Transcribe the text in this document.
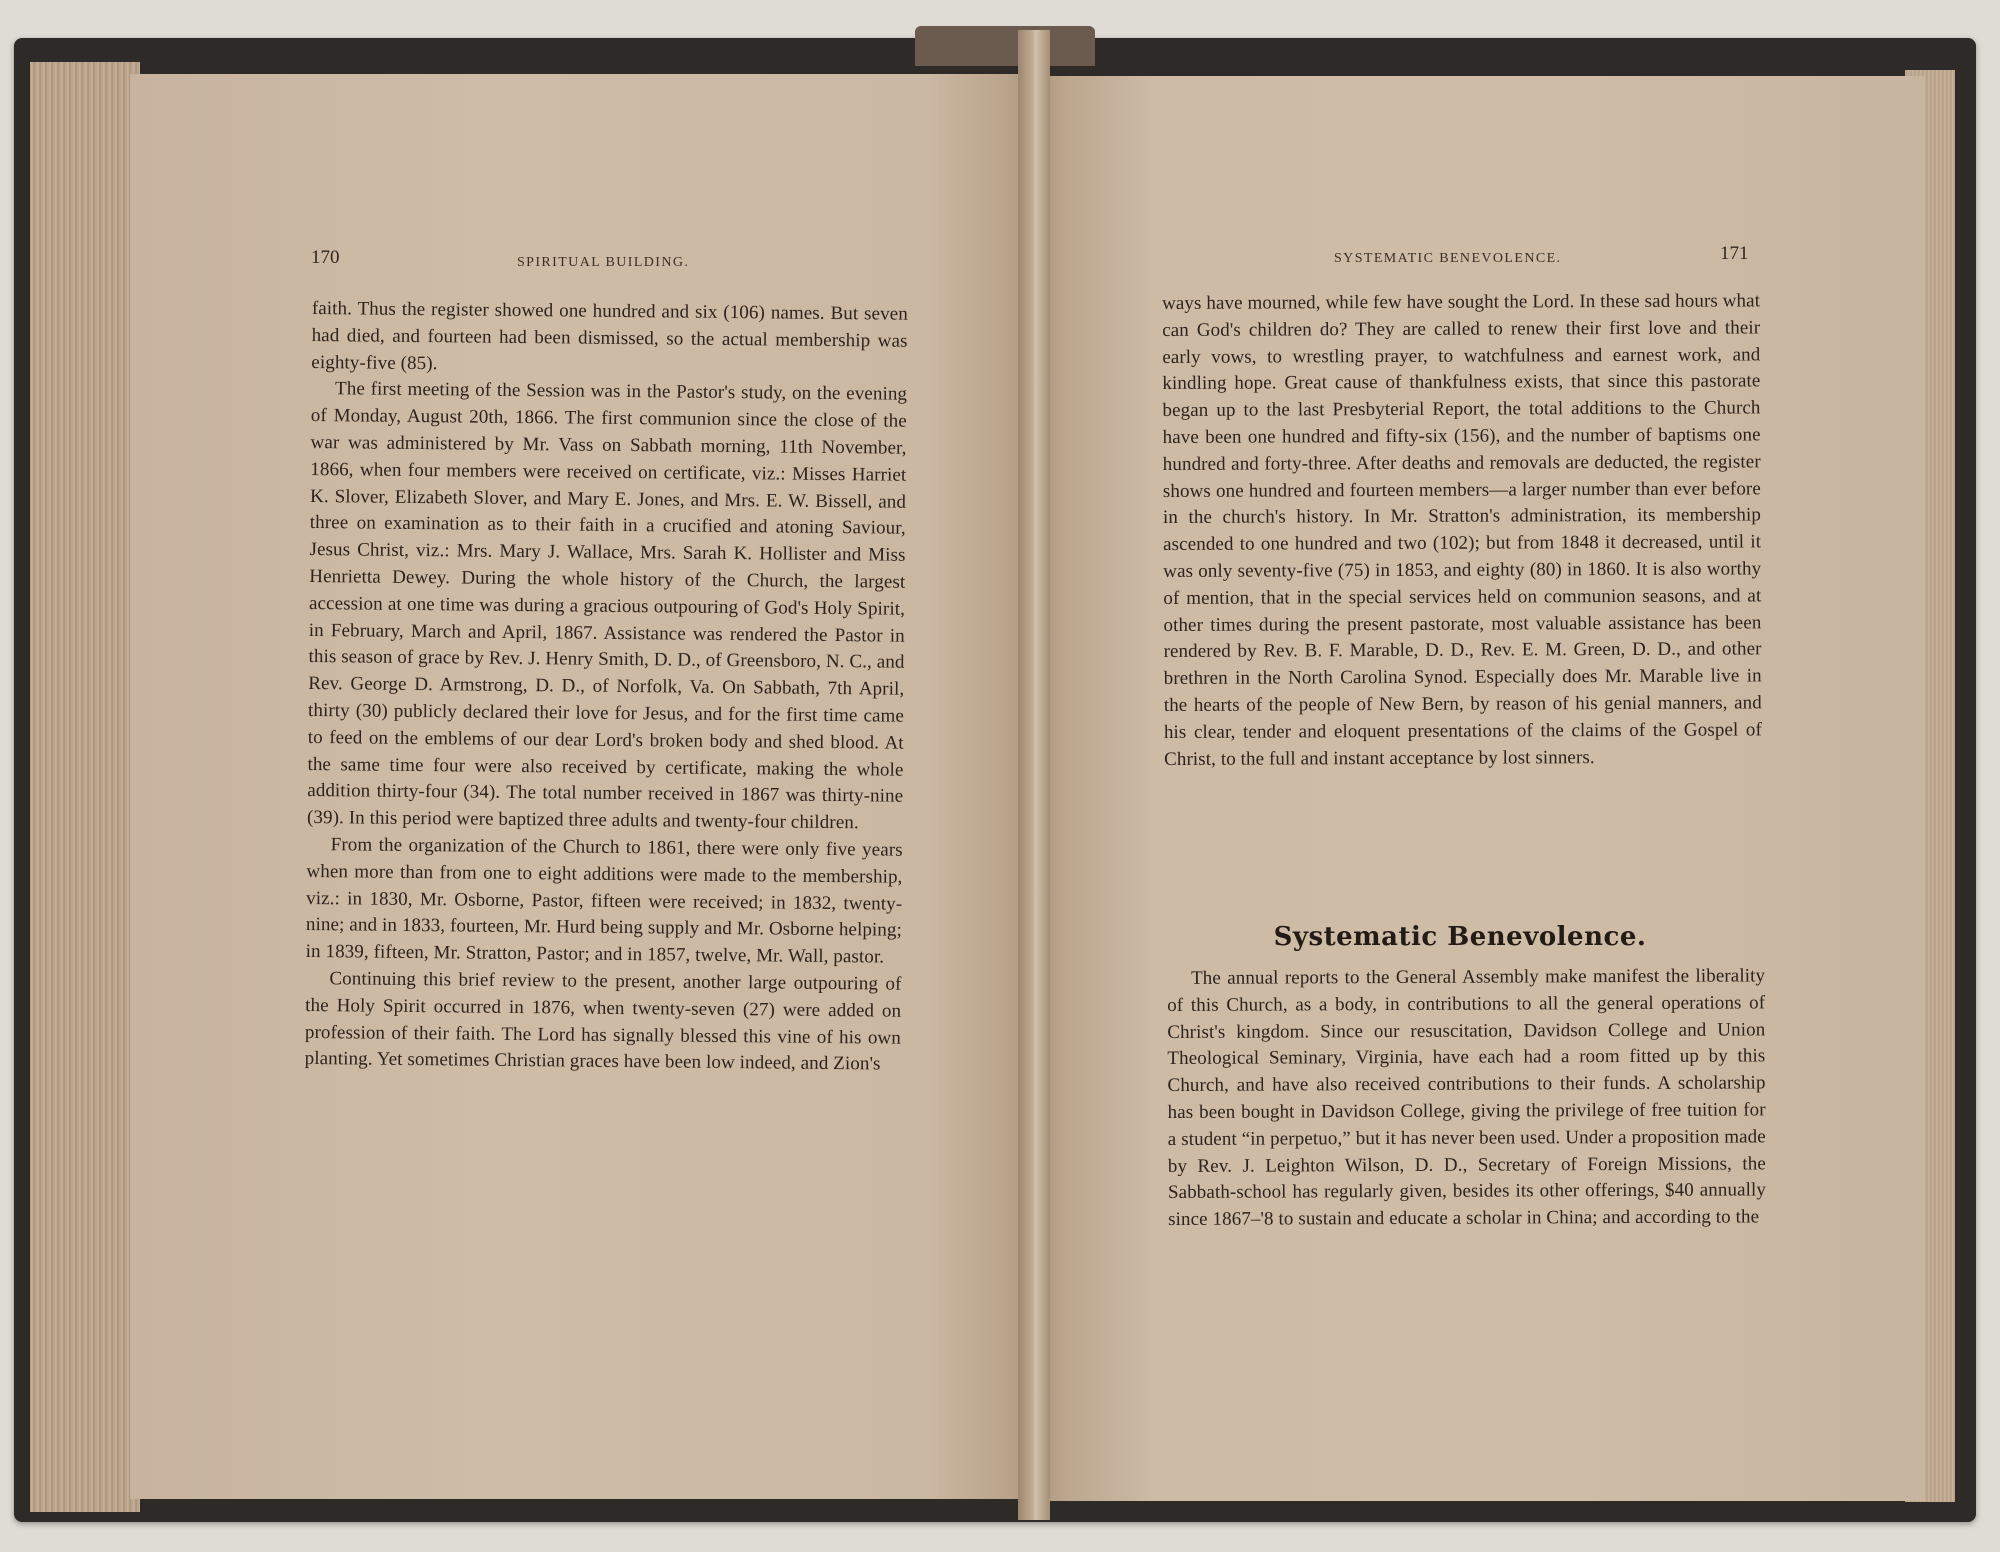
170	SPIRITUAL BUILDING.

faith. Thus the register showed one hundred and six (106) names. But seven had died, and fourteen had been dismissed, so the actual membership was eighty-five (85).

The first meeting of the Session was in the Pastor's study, on the evening of Monday, August 20th, 1866. The first communion since the close of the war was administered by Mr. Vass on Sabbath morning, 11th November, 1866, when four members were received on certificate, viz.: Misses Harriet K. Slover, Elizabeth Slover, and Mary E. Jones, and Mrs. E. W. Bissell, and three on examination as to their faith in a crucified and atoning Saviour, Jesus Christ, viz.: Mrs. Mary J. Wallace, Mrs. Sarah K. Hollister and Miss Henrietta Dewey. During the whole history of the Church, the largest accession at one time was during a gracious outpouring of God's Holy Spirit, in February, March and April, 1867. Assistance was rendered the Pastor in this season of grace by Rev. J. Henry Smith, D. D., of Greensboro, N. C., and Rev. George D. Armstrong, D. D., of Norfolk, Va. On Sabbath, 7th April, thirty (30) publicly declared their love for Jesus, and for the first time came to feed on the emblems of our dear Lord's broken body and shed blood. At the same time four were also received by certificate, making the whole addition thirty-four (34). The total number received in 1867 was thirty-nine (39). In this period were baptized three adults and twenty-four children.

From the organization of the Church to 1861, there were only five years when more than from one to eight additions were made to the membership, viz.: in 1830, Mr. Osborne, Pastor, fifteen were received; in 1832, twenty-nine; and in 1833, fourteen, Mr. Hurd being supply and Mr. Osborne helping; in 1839, fifteen, Mr. Stratton, Pastor; and in 1857, twelve, Mr. Wall, pastor.

Continuing this brief review to the present, another large outpouring of the Holy Spirit occurred in 1876, when twenty-seven (27) were added on profession of their faith. The Lord has signally blessed this vine of his own planting. Yet sometimes Christian graces have been low indeed, and Zion's

SYSTEMATIC BENEVOLENCE.	171

ways have mourned, while few have sought the Lord. In these sad hours what can God's children do? They are called to renew their first love and their early vows, to wrestling prayer, to watchfulness and earnest work, and kindling hope. Great cause of thankfulness exists, that since this pastorate began up to the last Presbyterial Report, the total additions to the Church have been one hundred and fifty-six (156), and the number of baptisms one hundred and forty-three. After deaths and removals are deducted, the register shows one hundred and fourteen members—a larger number than ever before in the church's history. In Mr. Stratton's administration, its membership ascended to one hundred and two (102); but from 1848 it decreased, until it was only seventy-five (75) in 1853, and eighty (80) in 1860. It is also worthy of mention, that in the special services held on communion seasons, and at other times during the present pastorate, most valuable assistance has been rendered by Rev. B. F. Marable, D. D., Rev. E. M. Green, D. D., and other brethren in the North Carolina Synod. Especially does Mr. Marable live in the hearts of the people of New Bern, by reason of his genial manners, and his clear, tender and eloquent presentations of the claims of the Gospel of Christ, to the full and instant acceptance by lost sinners.

Systematic Benevolence.

The annual reports to the General Assembly make manifest the liberality of this Church, as a body, in contributions to all the general operations of Christ's kingdom. Since our resuscitation, Davidson College and Union Theological Seminary, Virginia, have each had a room fitted up by this Church, and have also received contributions to their funds. A scholarship has been bought in Davidson College, giving the privilege of free tuition for a student “in perpetuo,” but it has never been used. Under a proposition made by Rev. J. Leighton Wilson, D. D., Secretary of Foreign Missions, the Sabbath-school has regularly given, besides its other offerings, $40 annually since 1867–'8 to sustain and educate a scholar in China; and according to the
